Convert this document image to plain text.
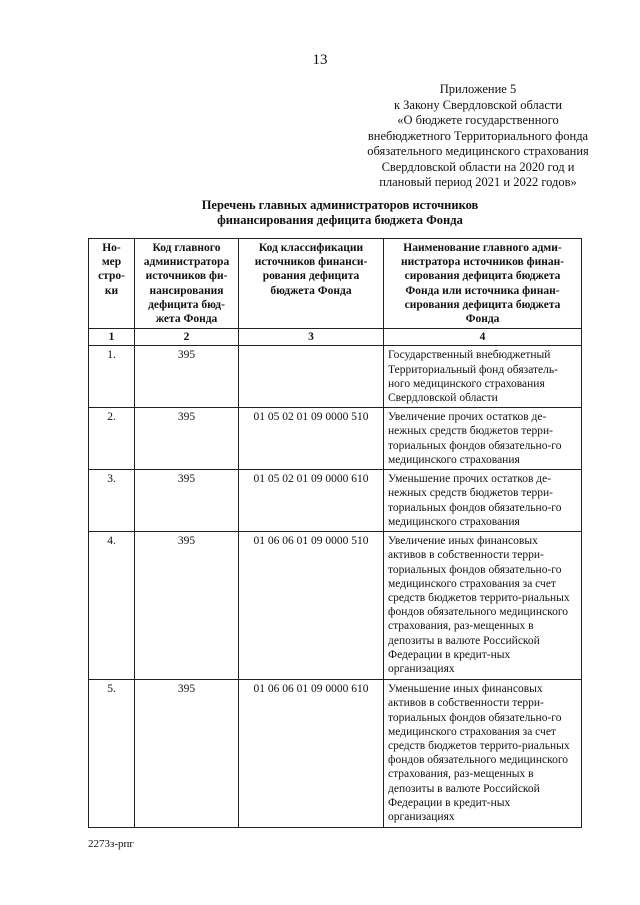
13
Приложение 5
к Закону Свердловской области
«О бюджете государственного
внебюджетного Территориального фонда
обязательного медицинского страхования
Свердловской области на 2020 год и
плановый период 2021 и 2022 годов»
Перечень главных администраторов источников
финансирования дефицита бюджета Фонда
Но-мер стро-ки	Код главного администратора источников фи-нансирования дефицита бюд-жета Фонда	Код классификации источников финанси-рования дефицита бюджета Фонда	Наименование главного адми-нистратора источников финан-сирования дефицита бюджета Фонда или источника финан-сирования дефицита бюджета Фонда
1	2	3	4
1.	395		Государственный внебюджетный Территориальный фонд обязатель-ного медицинского страхования Свердловской области
2.	395	01 05 02 01 09 0000 510	Увеличение прочих остатков де-нежных средств бюджетов терри-ториальных фондов обязательно-го медицинского страхования
3.	395	01 05 02 01 09 0000 610	Уменьшение прочих остатков де-нежных средств бюджетов терри-ториальных фондов обязательно-го медицинского страхования
4.	395	01 06 06 01 09 0000 510	Увеличение иных финансовых активов в собственности терри-ториальных фондов обязательно-го медицинского страхования за счет средств бюджетов террито-риальных фондов обязательного медицинского страхования, раз-мещенных в депозиты в валюте Российской Федерации в кредит-ных организациях
5.	395	01 06 06 01 09 0000 610	Уменьшение иных финансовых активов в собственности терри-ториальных фондов обязательно-го медицинского страхования за счет средств бюджетов террито-риальных фондов обязательного медицинского страхования, раз-мещенных в депозиты в валюте Российской Федерации в кредит-ных организациях
2273з-рпг
